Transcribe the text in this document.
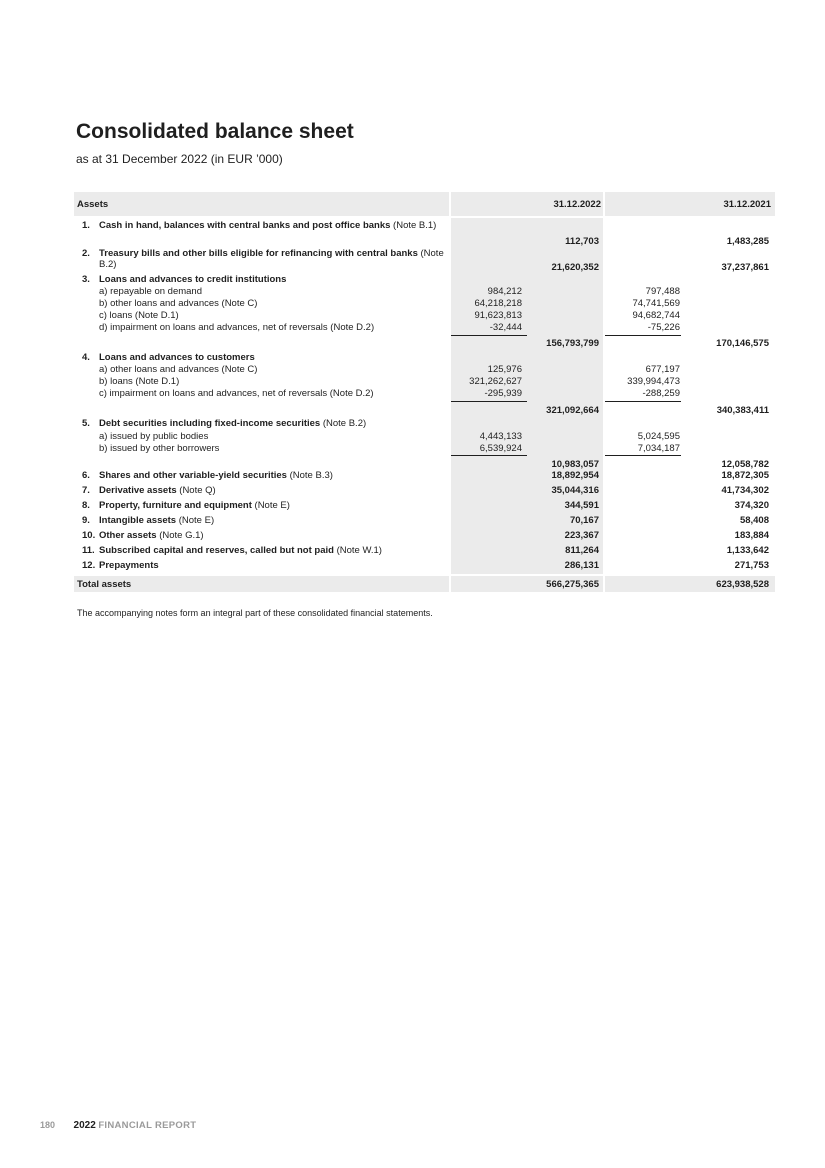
Consolidated balance sheet
as at 31 December 2022 (in EUR ’000)
Assets	31.12.2022	31.12.2021
1. Cash in hand, balances with central banks and post office banks (Note B.1)
112,703	1,483,285
2. Treasury bills and other bills eligible for refinancing with central banks (Note B.2)	21,620,352	37,237,861
3. Loans and advances to credit institutions
a) repayable on demand	984,212	797,488
b) other loans and advances (Note C)	64,218,218	74,741,569
c) loans (Note D.1)	91,623,813	94,682,744
d) impairment on loans and advances, net of reversals (Note D.2)	-32,444	-75,226
156,793,799	170,146,575
4. Loans and advances to customers
a) other loans and advances (Note C)	125,976	677,197
b) loans (Note D.1)	321,262,627	339,994,473
c) impairment on loans and advances, net of reversals (Note D.2)	-295,939	-288,259
321,092,664	340,383,411
5. Debt securities including fixed-income securities (Note B.2)
a) issued by public bodies	4,443,133	5,024,595
b) issued by other borrowers	6,539,924	7,034,187
10,983,057	12,058,782
6. Shares and other variable-yield securities (Note B.3)	18,892,954	18,872,305
7. Derivative assets (Note Q)	35,044,316	41,734,302
8. Property, furniture and equipment (Note E)	344,591	374,320
9. Intangible assets (Note E)	70,167	58,408
10. Other assets (Note G.1)	223,367	183,884
11. Subscribed capital and reserves, called but not paid (Note W.1)	811,264	1,133,642
12. Prepayments	286,131	271,753
Total assets	566,275,365	623,938,528
The accompanying notes form an integral part of these consolidated financial statements.
180 2022 FINANCIAL REPORT
